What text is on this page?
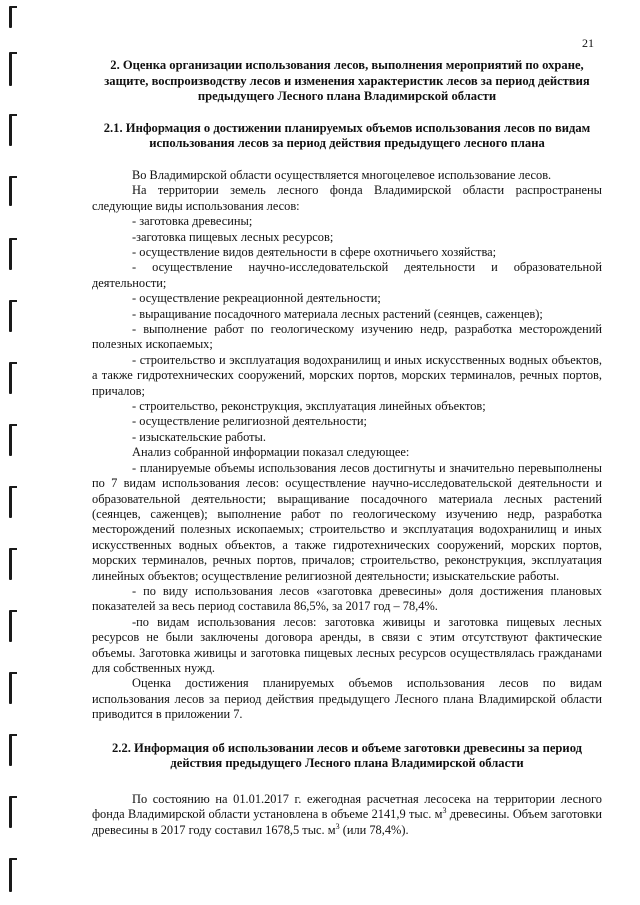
21
2. Оценка организации использования лесов, выполнения мероприятий по охране, защите, воспроизводству лесов и изменения характеристик лесов за период действия предыдущего Лесного плана Владимирской области
2.1. Информация о достижении планируемых объемов использования лесов по видам использования лесов за период действия предыдущего лесного плана

Во Владимирской области осуществляется многоцелевое использование лесов.

На территории земель лесного фонда Владимирской области распространены следующие виды использования лесов:

- заготовка древесины;

-заготовка пищевых лесных ресурсов;

- осуществление видов деятельности в сфере охотничьего хозяйства;

- осуществление научно-исследовательской деятельности и образовательной деятельности;

- осуществление рекреационной деятельности;

- выращивание посадочного материала лесных растений (сеянцев, саженцев);

- выполнение работ по геологическому изучению недр, разработка месторождений полезных ископаемых;

- строительство и эксплуатация водохранилищ и иных искусственных водных объектов, а также гидротехнических сооружений, морских портов, морских терминалов, речных портов, причалов;

- строительство, реконструкция, эксплуатация линейных объектов;

- осуществление религиозной деятельности;

- изыскательские работы.

Анализ собранной информации показал следующее:

- планируемые объемы использования лесов достигнуты и значительно перевыполнены по 7 видам использования лесов: осуществление научно-исследовательской деятельности и образовательной деятельности; выращивание посадочного материала лесных растений (сеянцев, саженцев); выполнение работ по геологическому изучению недр, разработка месторождений полезных ископаемых; строительство и эксплуатация водохранилищ и иных искусственных водных объектов, а также гидротехнических сооружений, морских портов, морских терминалов, речных портов, причалов; строительство, реконструкция, эксплуатация линейных объектов; осуществление религиозной деятельности; изыскательские работы.

- по виду использования лесов «заготовка древесины» доля достижения плановых показателей за весь период составила 86,5%, за 2017 год – 78,4%.

-по видам использования лесов: заготовка живицы и заготовка пищевых лесных ресурсов не были заключены договора аренды, в связи с этим отсутствуют фактические объемы. Заготовка живицы и заготовка пищевых лесных ресурсов осуществлялась гражданами для собственных нужд.

Оценка достижения планируемых объемов использования лесов по видам использования лесов за период действия предыдущего Лесного плана Владимирской области приводится в приложении 7.

2.2. Информация об использовании лесов и объеме заготовки древесины за период действия предыдущего Лесного плана Владимирской области

По состоянию на 01.01.2017 г. ежегодная расчетная лесосека на территории лесного фонда Владимирской области установлена в объеме 2141,9 тыс. $м^3$ древесины. Объем заготовки древесины в 2017 году составил 1678,5 тыс. $м^3$ (или 78,4%).
